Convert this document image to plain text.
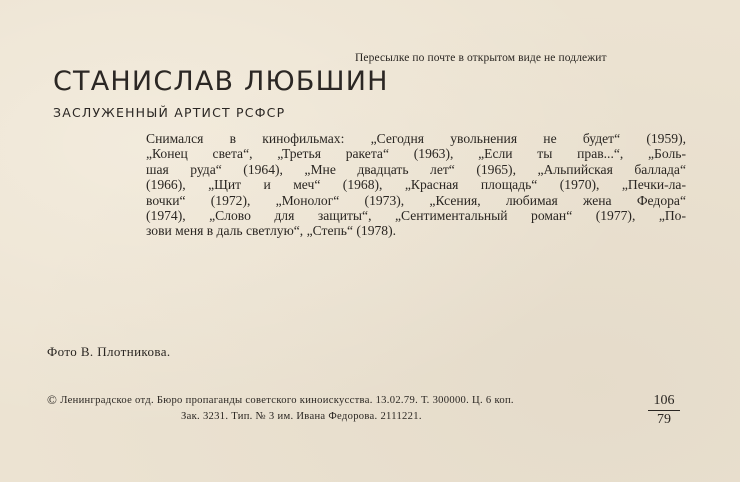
Пересылке по почте в открытом виде не подлежит
СТАНИСЛАВ ЛЮБШИН
ЗАСЛУЖЕННЫЙ АРТИСТ РСФСР
Снимался в кинофильмах: „Сегодня увольнения не будет“ (1959),
„Конец света“, „Третья ракета“ (1963), „Если ты прав...“, „Боль-
шая руда“ (1964), „Мне двадцать лет“ (1965), „Альпийская баллада“
(1966), „Щит и меч“ (1968), „Красная площадь“ (1970), „Печки-ла-
вочки“ (1972), „Монолог“ (1973), „Ксения, любимая жена Федора“
(1974), „Слово для защиты“, „Сентиментальный роман“ (1977), „По-
зови меня в даль светлую“, „Степь“ (1978).
Фото В. Плотникова.
© Ленинградское отд. Бюро пропаганды советского киноискусства. 13.02.79. Т. 300000. Ц. 6 коп.
Зак. 3231. Тип. № 3 им. Ивана Федорова. 2111221.	$\frac{106}{79}$
